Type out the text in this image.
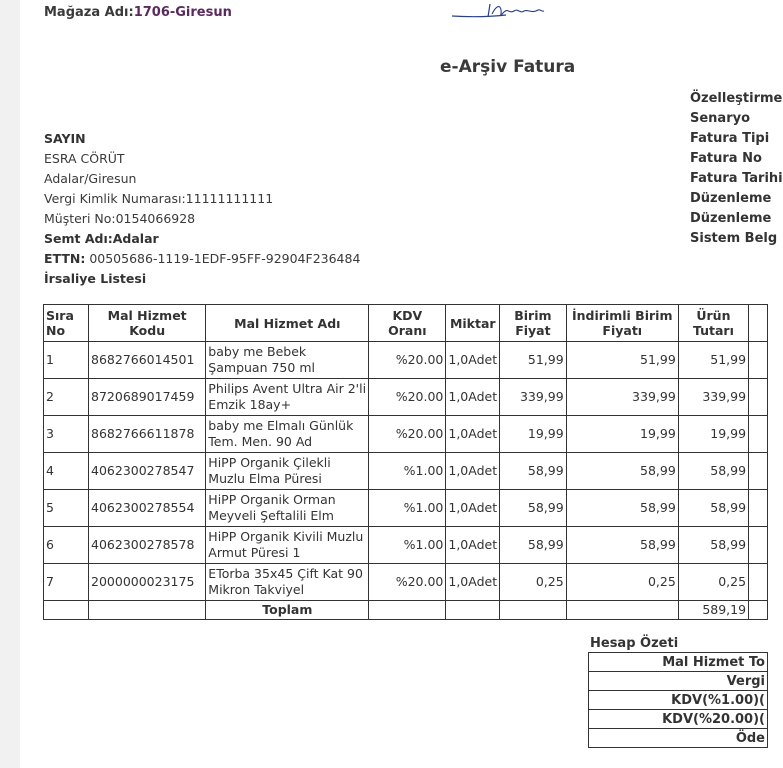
Mağaza Adı:1706-Giresun
e-Arşiv Fatura
SAYIN
ESRA CÖRÜT
Adalar/Giresun
Vergi Kimlik Numarası:11111111111
Müşteri No:0154066928
Semt Adı:Adalar
ETTN: 00505686-1119-1EDF-95FF-92904F236484
İrsaliye Listesi
Özelleştirme
Senaryo
Fatura Tipi
Fatura No
Fatura Tarihi
Düzenleme
Düzenleme
Sistem Belg
Sıra No	Mal Hizmet Kodu	Mal Hizmet Adı	KDV Oranı	Miktar	Birim Fiyat	İndirimli Birim Fiyatı	Ürün Tutarı	
1	8682766014501	baby me Bebek Şampuan 750 ml	%20.00	1,0Adet	51,99	51,99	51,99	
2	8720689017459	Philips Avent Ultra Air 2'li Emzik 18ay+	%20.00	1,0Adet	339,99	339,99	339,99	
3	8682766611878	baby me Elmalı Günlük Tem. Men. 90 Ad	%20.00	1,0Adet	19,99	19,99	19,99	
4	4062300278547	HiPP Organik Çilekli Muzlu Elma Püresi	%1.00	1,0Adet	58,99	58,99	58,99	
5	4062300278554	HiPP Organik Orman Meyveli Şeftalili Elm	%1.00	1,0Adet	58,99	58,99	58,99	
6	4062300278578	HiPP Organik Kivili Muzlu Armut Püresi 1	%1.00	1,0Adet	58,99	58,99	58,99	
7	2000000023175	ETorba 35x45 Çift Kat 90 Mikron Takviyel	%20.00	1,0Adet	0,25	0,25	0,25	
		Toplam					589,19	
Hesap Özeti
Mal Hizmet To
Vergi
KDV(%1.00)(
KDV(%20.00)(
Öde
